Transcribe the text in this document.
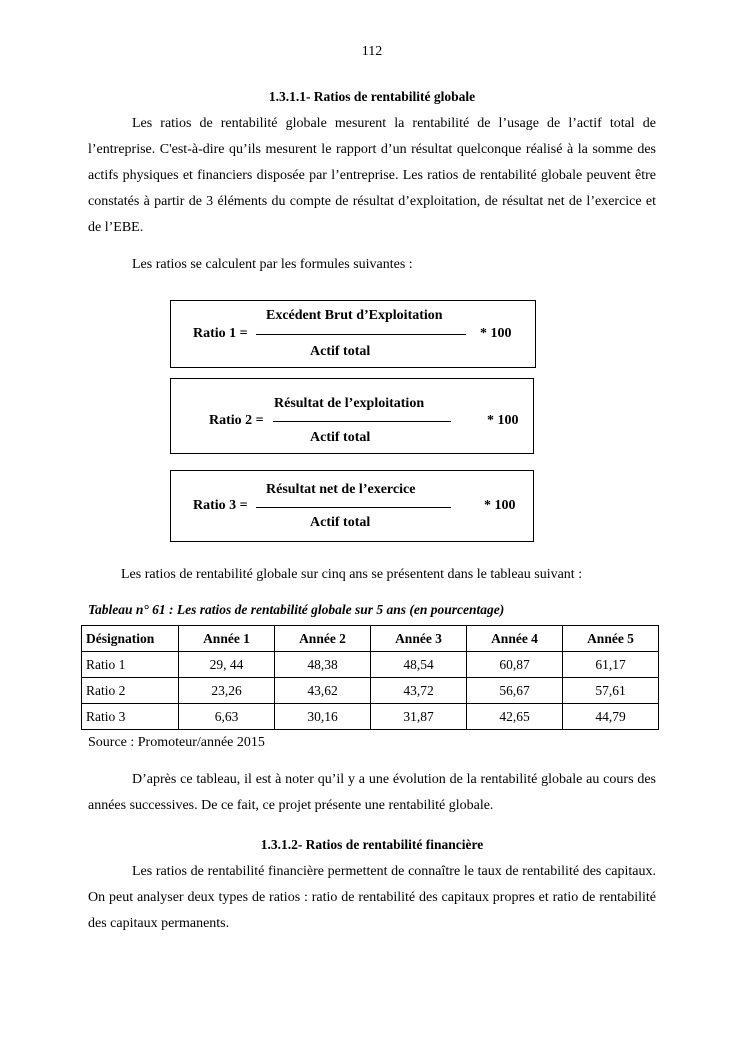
112
1.3.1.1- Ratios de rentabilité globale

Les ratios de rentabilité globale mesurent la rentabilité de l’usage de l’actif total de l’entreprise. C'est-à-dire qu’ils mesurent le rapport d’un résultat quelconque réalisé à la somme des actifs physiques et financiers disposée par l’entreprise. Les ratios de rentabilité globale peuvent être constatés à partir de 3 éléments du compte de résultat d’exploitation, de résultat net de l’exercice et de l’EBE.

Les ratios se calculent par les formules suivantes :
Excédent Brut d’Exploitation
Ratio 1 =	* 100
Actif total
Résultat de l’exploitation
Ratio 2 =	* 100
Actif total
Résultat net de l’exercice
Ratio 3 =	* 100
Actif total
Les ratios de rentabilité globale sur cinq ans se présentent dans le tableau suivant :
Tableau n° 61 : Les ratios de rentabilité globale sur 5 ans (en pourcentage)
Désignation	Année 1	Année 2	Année 3	Année 4	Année 5
Ratio 1	29, 44	48,38	48,54	60,87	61,17
Ratio 2	23,26	43,62	43,72	56,67	57,61
Ratio 3	6,63	30,16	31,87	42,65	44,79
Source : Promoteur/année 2015

D’après ce tableau, il est à noter qu’il y a une évolution de la rentabilité globale au cours des années successives. De ce fait, ce projet présente une rentabilité globale.

1.3.1.2- Ratios de rentabilité financière

Les ratios de rentabilité financière permettent de connaître le taux de rentabilité des capitaux. On peut analyser deux types de ratios : ratio de rentabilité des capitaux propres et ratio de rentabilité des capitaux permanents.
